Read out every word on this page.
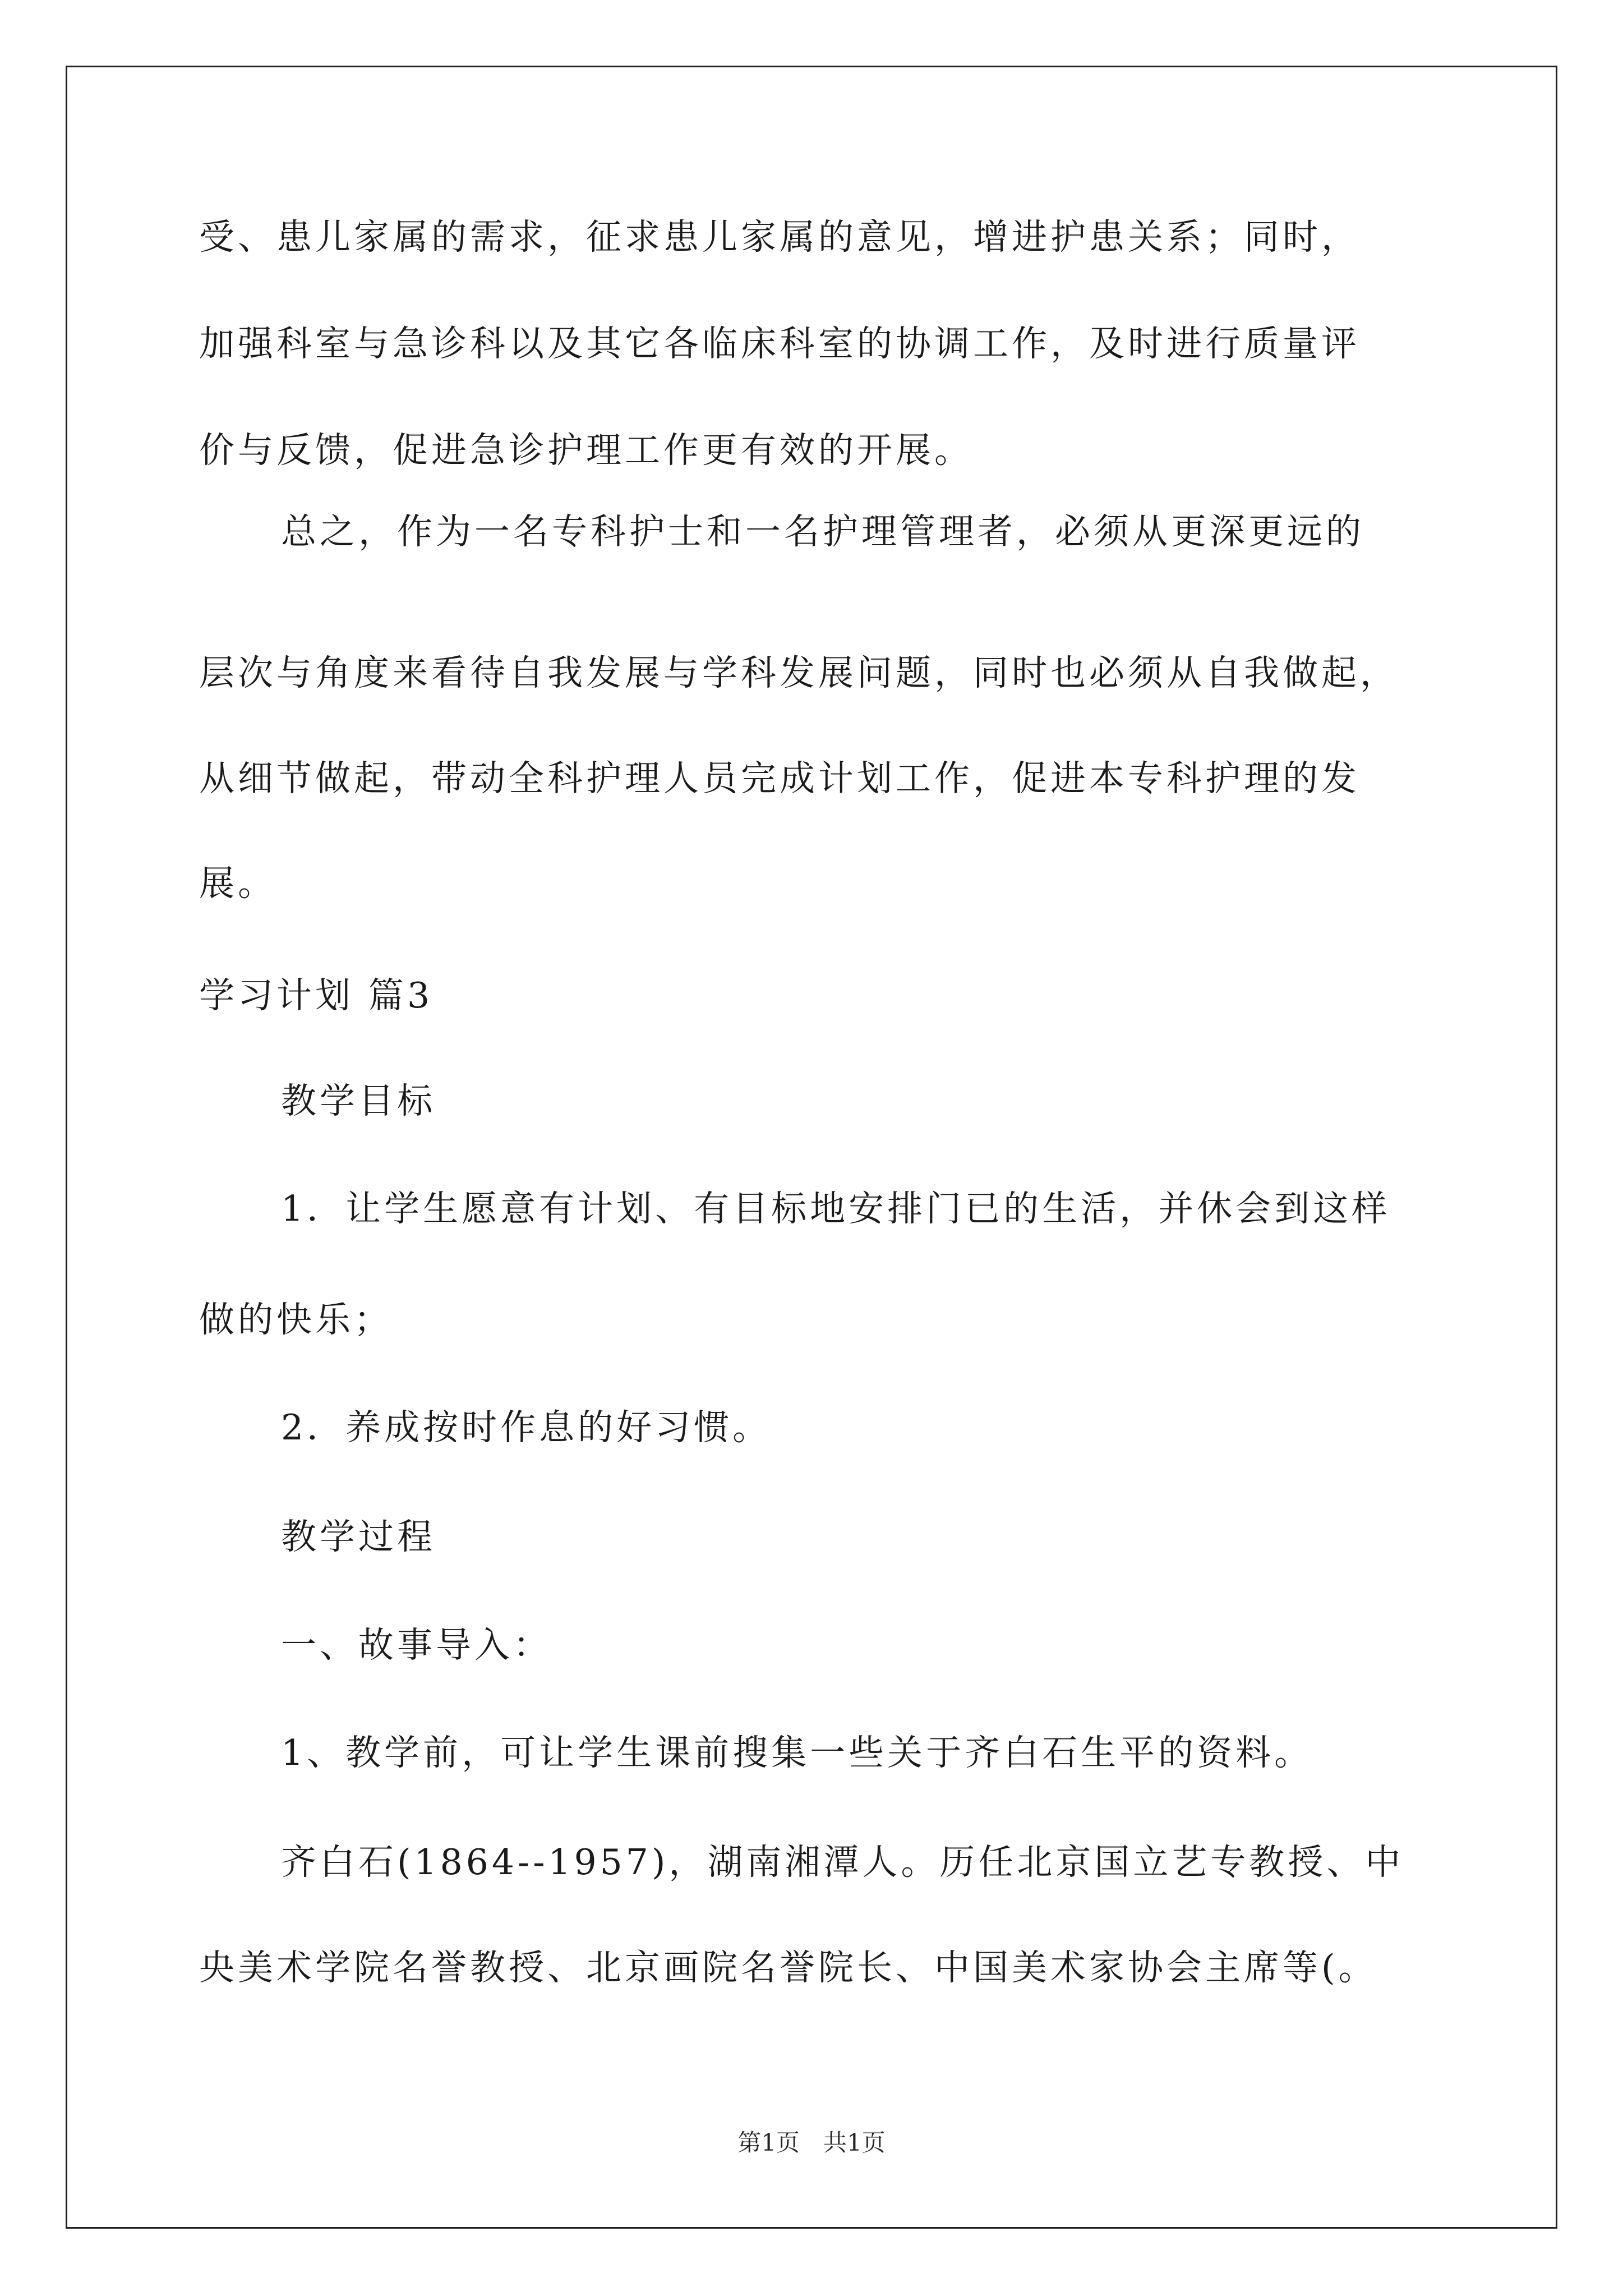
受、患儿家属的需求，征求患儿家属的意见，增进护患关系；同时，
加强科室与急诊科以及其它各临床科室的协调工作，及时进行质量评
价与反馈，促进急诊护理工作更有效的开展。
总之，作为一名专科护士和一名护理管理者，必须从更深更远的
层次与角度来看待自我发展与学科发展问题，同时也必须从自我做起，
从细节做起，带动全科护理人员完成计划工作，促进本专科护理的发
展。
学习计划 篇3
教学目标
1．让学生愿意有计划、有目标地安排门已的生活，并休会到这样
做的快乐；
2．养成按时作息的好习惯。
教学过程
一、故事导入：
1、教学前，可让学生课前搜集一些关于齐白石生平的资料。
齐白石(1864--1957)，湖南湘潭人。历任北京国立艺专教授、中
央美术学院名誉教授、北京画院名誉院长、中国美术家协会主席等(。
第1页　共1页
